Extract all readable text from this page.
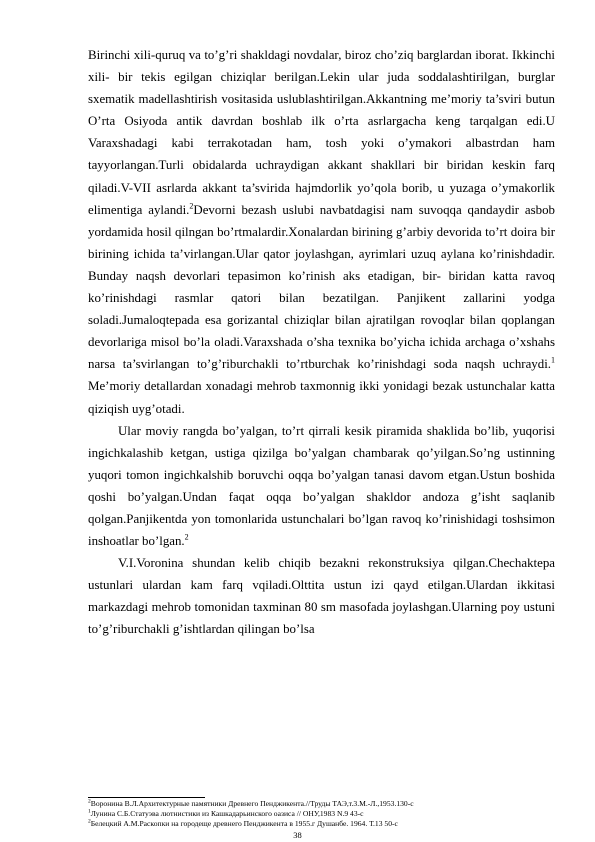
Birinchi xili-quruq va to’g’ri shakldagi novdalar, biroz cho’ziq barglardan iborat. Ikkinchi xili- bir tekis egilgan chiziqlar berilgan.Lekin ular juda soddalashtirilgan, burglar sxematik madellashtirish vositasida uslublashtirilgan.Akkantning me’moriy ta’sviri butun O’rta Osiyoda antik davrdan boshlab ilk o’rta asrlargacha keng tarqalgan edi.U Varaxshadagi kabi terrakotadan ham, tosh yoki o’ymakori albastrdan ham tayyorlangan.Turli obidalarda uchraydigan akkant shakllari bir biridan keskin farq qiladi.V-VII asrlarda akkant ta’svirida hajmdorlik yo’qola borib, u yuzaga o’ymakorlik elimentiga aylandi.$^2$Devorni bezash uslubi navbatdagisi nam suvoqqa qandaydir asbob yordamida hosil qilngan bo’rtmalardir.Xonalardan birining g’arbiy devorida to’rt doira bir birining ichida ta’virlangan.Ular qator joylashgan, ayrimlari uzuq aylana ko’rinishdadir. Bunday naqsh devorlari tepasimon ko’rinish aks etadigan, bir- biridan katta ravoq ko’rinishdagi rasmlar qatori bilan bezatilgan. Panjikent zallarini yodga soladi.Jumaloqtepada esa gorizantal chiziqlar bilan ajratilgan rovoqlar bilan qoplangan devorlariga misol bo’la oladi.Varaxshada o’sha texnika bo’yicha ichida archaga o’xshahs narsa ta’svirlangan to’g’riburchakli to’rtburchak ko’rinishdagi soda naqsh uchraydi.$^1$ Me’moriy detallardan xonadagi mehrob taxmonnig ikki yonidagi bezak ustunchalar katta qiziqish uyg’otadi.

Ular moviy rangda bo’yalgan, to’rt qirrali kesik piramida shaklida bo’lib, yuqorisi ingichkalashib ketgan, ustiga qizilga bo’yalgan chambarak qo’yilgan.So’ng ustinning yuqori tomon ingichkalshib boruvchi oqqa bo’yalgan tanasi davom etgan.Ustun boshida qoshi bo’yalgan.Undan faqat oqqa bo’yalgan shakldor andoza g’isht saqlanib qolgan.Panjikentda yon tomonlarida ustunchalari bo’lgan ravoq ko’rinishidagi toshsimon inshoatlar bo’lgan.$^2$

V.I.Voronina shundan kelib chiqib bezakni rekonstruksiya qilgan.Chechaktepa ustunlari ulardan kam farq vqiladi.Olttita ustun izi qayd etilgan.Ulardan ikkitasi markazdagi mehrob tomonidan taxminan 80 sm masofada joylashgan.Ularning poy ustuni to’g’riburchakli g’ishtlardan qilingan bo’lsa

$^2$Воронина В.Л.Архитектурные памятники Древнего Пенджикента.//Труды ТАЭ,т.3.М.-Л.,1953.130-с
$^1$Лунина С.Б.Статуэва лютнистики из Кашкадарьинского оазиса // ОНУ,1983 N.9 43-с
$^2$Белецкий А.М.Раскопки на городеще древнего Пенджикента в 1955.г Душанбе. 1964. Т.13 50-с
38
